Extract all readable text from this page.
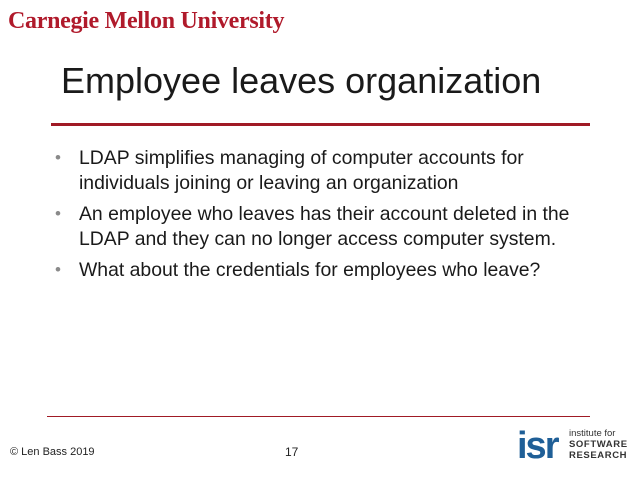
Carnegie Mellon University
Employee leaves organization
• LDAP simplifies managing of computer accounts for individuals joining or leaving an organization
• An employee who leaves has their account deleted in the LDAP and they can no longer access computer system.
• What about the credentials for employees who leave?
© Len Bass 2019	17	isr institute for
SOFTWARE
RESEARCH
